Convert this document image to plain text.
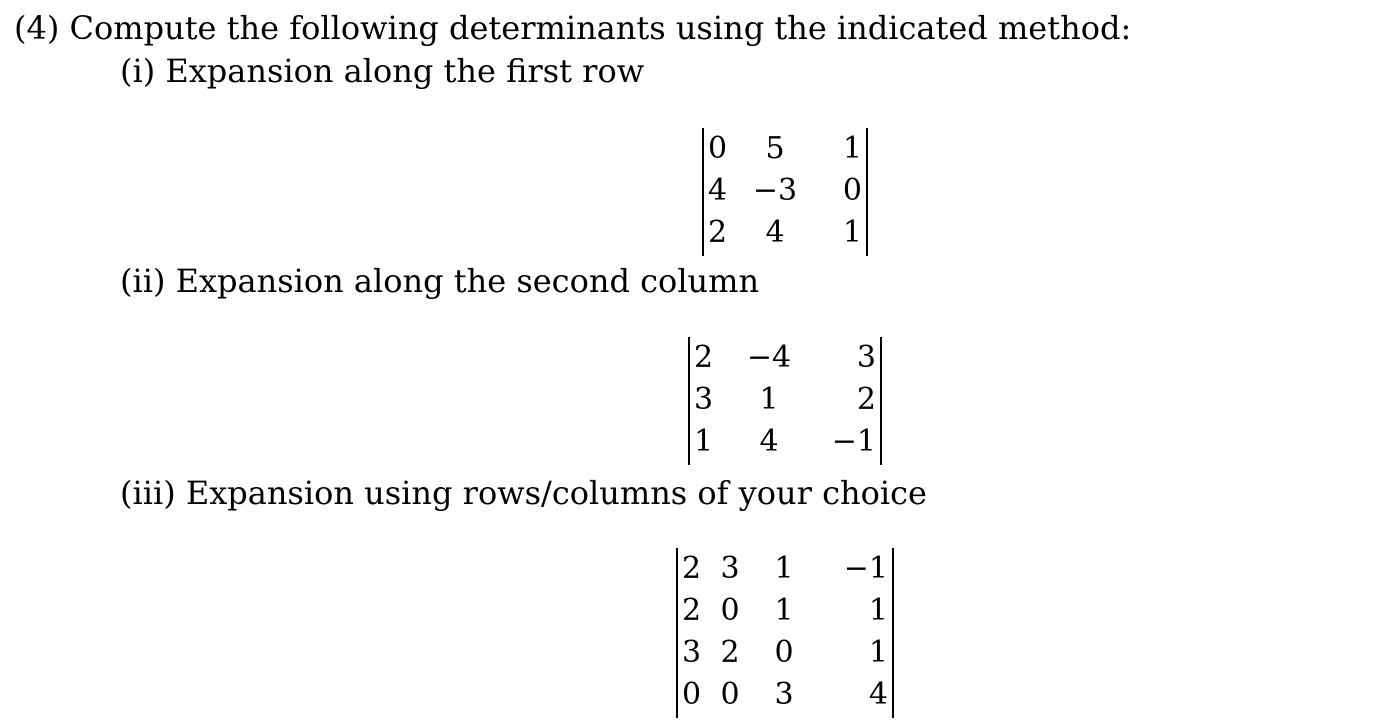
(4) Compute the following determinants using the indicated method:
(i) Expansion along the first row
0	5	1
4 −3	0
2	4	1
(ii) Expansion along the second column
2	−4	3
3	1	2
1	4	−1
(iii) Expansion using rows/columns of your choice
2 3	1	−1
2 0	1	1
3 2	0	1
0 0	3	4
